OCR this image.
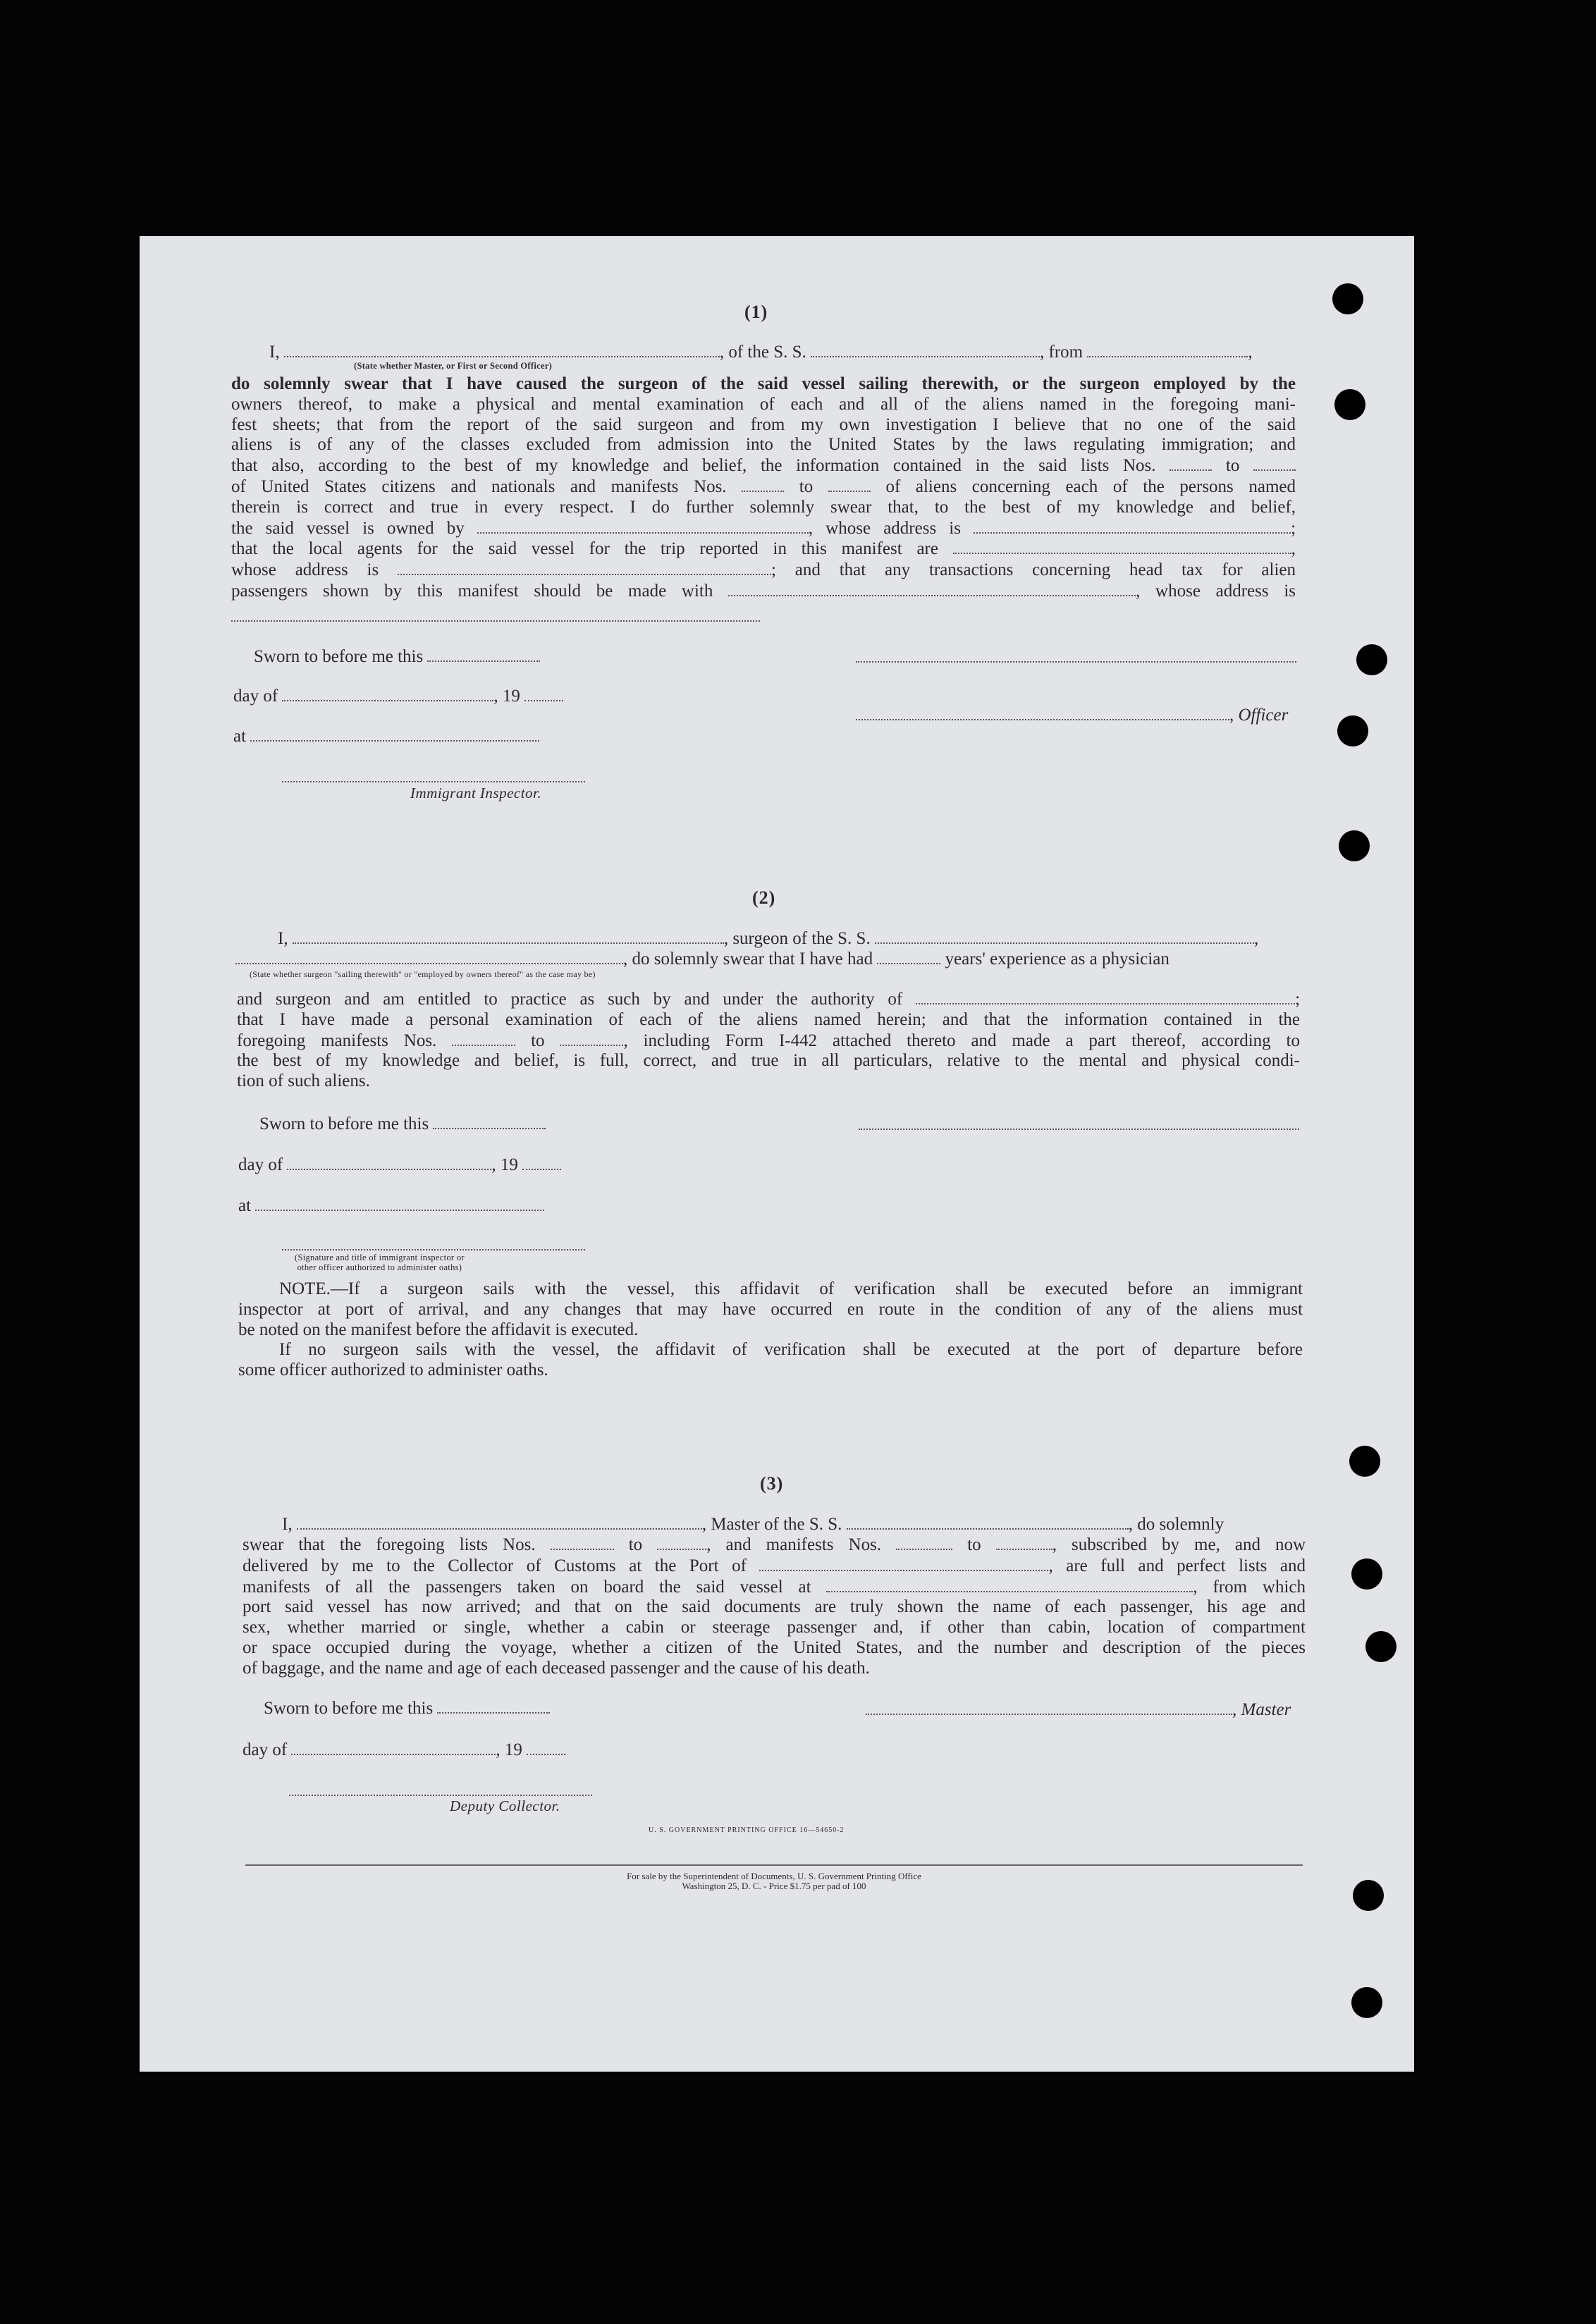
(1)
I,	, of the S. S.	, from	,
(State whether Master, or First or Second Officer)
do solemnly swear that I have caused the surgeon of the said vessel sailing therewith, or the surgeon employed by the
owners thereof, to make a physical and mental examination of each and all of the aliens named in the foregoing mani-
fest sheets; that from the report of the said surgeon and from my own investigation I believe that no one of the said
aliens is of any of the classes excluded from admission into the United States by the laws regulating immigration; and
that also, according to the best of my knowledge and belief, the information contained in the said lists Nos.	to
of United States citizens and nationals and manifests Nos.	to	of aliens concerning each of the persons named
therein is correct and true in every respect. I do further solemnly swear that, to the best of my knowledge and belief,
the said vessel is owned by	, whose address is	;
that the local agents for the said vessel for the trip reported in this manifest are	,
whose address is	; and that any transactions concerning head tax for alien
passengers shown by this manifest should be made with	, whose address is
Sworn to before me this
day of	, 19
at
, Officer
Immigrant Inspector.
(2)
I,	, surgeon of the S. S.	,
, do solemnly swear that I have had	years' experience as a physician
(State whether surgeon "sailing therewith" or "employed by owners thereof" as the case may be)
and surgeon and am entitled to practice as such by and under the authority of	;
that I have made a personal examination of each of the aliens named herein; and that the information contained in the
foregoing manifests Nos.	to	, including Form I-442 attached thereto and made a part thereof, according to
the best of my knowledge and belief, is full, correct, and true in all particulars, relative to the mental and physical condi-
tion of such aliens.
Sworn to before me this
day of	, 19
at
(Signature and title of immigrant inspector or
other officer authorized to administer oaths)
NOTE.—If a surgeon sails with the vessel, this affidavit of verification shall be executed before an immigrant
inspector at port of arrival, and any changes that may have occurred en route in the condition of any of the aliens must
be noted on the manifest before the affidavit is executed.
If no surgeon sails with the vessel, the affidavit of verification shall be executed at the port of departure before
some officer authorized to administer oaths.
(3)
I,	, Master of the S. S.	, do solemnly
swear that the foregoing lists Nos.	to	, and manifests Nos.	to	, subscribed by me, and now
delivered by me to the Collector of Customs at the Port of	, are full and perfect lists and
manifests of all the passengers taken on board the said vessel at	, from which
port said vessel has now arrived; and that on the said documents are truly shown the name of each passenger, his age and
sex, whether married or single, whether a cabin or steerage passenger and, if other than cabin, location of compartment
or space occupied during the voyage, whether a citizen of the United States, and the number and description of the pieces
of baggage, and the name and age of each deceased passenger and the cause of his death.
Sworn to before me this	, Master
day of	, 19
Deputy Collector.
U. S. GOVERNMENT PRINTING OFFICE 16—54650-2
For sale by the Superintendent of Documents, U. S. Government Printing Office
Washington 25, D. C. - Price $1.75 per pad of 100
